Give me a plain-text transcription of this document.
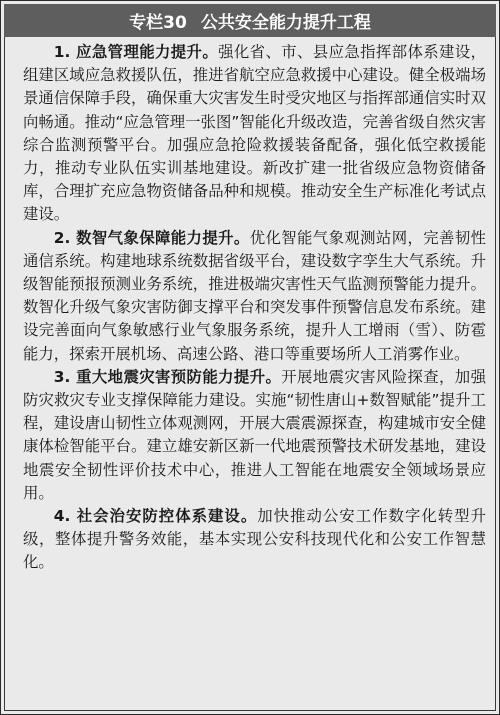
专栏30 公共安全能力提升工程

1. 应急管理能力提升。强化省、市、县应急指挥部体系建设，组建区域应急救援队伍，推进省航空应急救援中心建设。健全极端场景通信保障手段，确保重大灾害发生时受灾地区与指挥部通信实时双向畅通。推动“应急管理一张图”智能化升级改造，完善省级自然灾害综合监测预警平台。加强应急抢险救援装备配备，强化低空救援能力，推动专业队伍实训基地建设。新改扩建一批省级应急物资储备库，合理扩充应急物资储备品种和规模。推动安全生产标准化考试点建设。

2. 数智气象保障能力提升。优化智能气象观测站网，完善韧性通信系统。构建地球系统数据省级平台，建设数字孪生大气系统。升级智能预报预测业务系统，推进极端灾害性天气监测预警能力提升。数智化升级气象灾害防御支撑平台和突发事件预警信息发布系统。建设完善面向气象敏感行业气象服务系统，提升人工增雨（雪）、防雹能力，探索开展机场、高速公路、港口等重要场所人工消雾作业。

3. 重大地震灾害预防能力提升。开展地震灾害风险探查，加强防灾救灾专业支撑保障能力建设。实施“韧性唐山+数智赋能”提升工程，建设唐山韧性立体观测网，开展大震震源探查，构建城市安全健康体检智能平台。建立雄安新区新一代地震预警技术研发基地，建设地震安全韧性评价技术中心，推进人工智能在地震安全领域场景应用。

4. 社会治安防控体系建设。加快推动公安工作数字化转型升级，整体提升警务效能，基本实现公安科技现代化和公安工作智慧化。
